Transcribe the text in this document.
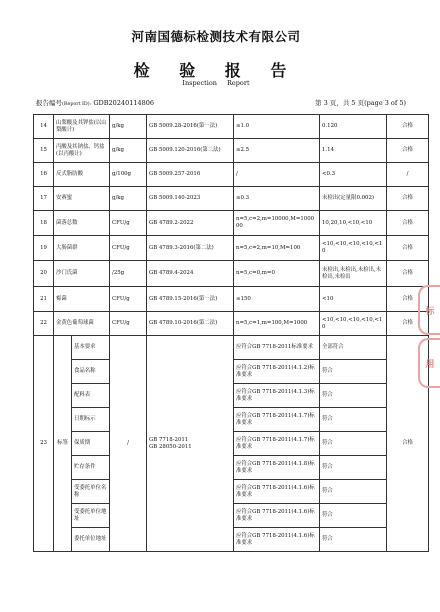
河南国德标检测技术有限公司
检 验 报 告
Inspection Report
报告编号(Report ID): GDB20240114806	第 3 页，共 5 页(page 3 of 5)
14	山梨酸及其钾盐(以山梨酸计)		g/kg	GB 5009.28-2016(第一法)	≤1.0	0.120	合格
15	丙酸及其钠盐、钙盐(以丙酸计)		g/kg	GB 5009.120-2016(第二法)	≤2.5	1.14	合格
16	反式脂肪酸		g/100g	GB 5009.257-2016	/	<0.3	/
17	安赛蜜		g/kg	GB 5009.140-2023	≤0.3	未检出(定量限0.002)	合格
18	菌落总数		CFU/g	GB 4789.2-2022	n=5,c=2,m=10000,M=100000	10,20,10,<10,<10	合格
19	大肠菌群		CFU/g	GB 4789.3-2016(第二法)	n=5,c=2,m=10,M=100	<10,<10,<10,<10,<10	合格
20	沙门氏菌		/25g	GB 4789.4-2024	n=5,c=0,m=0	未检出,未检出,未检出,未检出,未检出	合格
21	霉菌		CFU/g	GB 4789.15-2016(第一法)	≤150	<10	合格
22	金黄色葡萄球菌		CFU/g	GB 4789.10-2016(第二法)	n=5,c=1,m=100,M=1000	<10,<10,<10,<10,<10	合格
23	标签	基本要求	/	GB 7718-2011
GB 28050-2011	应符合GB 7718-2011标准要求	全部符合	合格
		食品名称			应符合GB 7718-2011(4.1.2)标准要求	符合	
		配料表			应符合GB 7718-2011(4.1.3)标准要求	符合	
		日期标示			应符合GB 7718-2011(4.1.7)标准要求	符合	
		保质期			应符合GB 7718-2011(4.1.7)标准要求	符合	
		贮存条件			应符合GB 7718-2011(4.1.8)标准要求	符合	
		受委托单位名称			应符合GB 7718-2011(4.1.6)标准要求	符合	
		受委托单位地址			应符合GB 7718-2011(4.1.6)标准要求	符合	
		委托单位地址			应符合GB 7718-2011(4.1.6)标准要求	符合	
标
用
